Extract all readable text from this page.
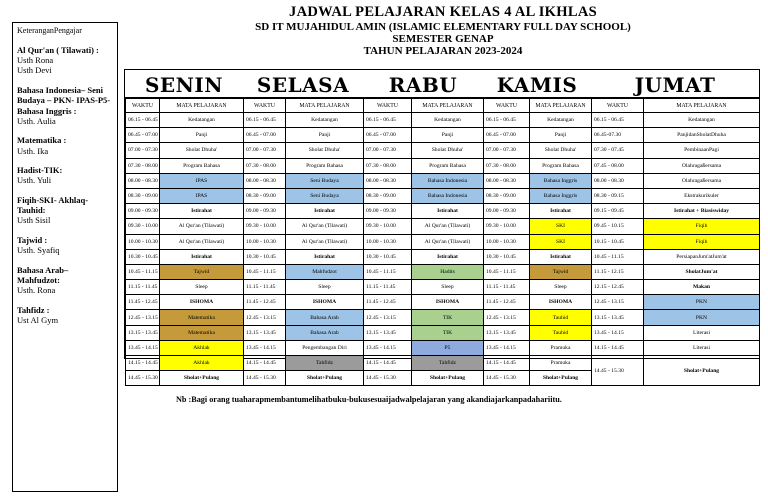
KeteranganPengajar
Al Qur'an ( Tilawati) :
Usth Rona
Usth Devi
Bahasa Indonesia– Seni Budaya – PKN- IPAS-P5- Bahasa Inggris :
Usth. Aulia
Matematika :
Usth. Ika
Hadist-TIK:
Usth. Yuli
Fiqih-SKI- Akhlaq-Tauhid:
Usth Sisil
Tajwid :
Usth. Syafiq
Bahasa Arab– Mahfudzot:
Usth. Rona
Tahfidz :
Ust Al Gym
JADWAL PELAJARAN KELAS 4 AL IKHLAS
SD IT MUJAHIDUL AMIN (ISLAMIC ELEMENTARY FULL DAY SCHOOL)
SEMESTER GENAP
TAHUN PELAJARAN 2023-2024
SENIN
WAKTU	MATA PELAJARAN
06.15 - 06.45	Kedatangan
06.45 - 07.00	Panji
07.00 - 07.30	Sholat Dhuha'
07.30 - 08.00	Program Bahasa
08.00 - 08.30	IPAS
08.30 - 09.00	IPAS
09.00 - 09.30	Istirahat
09.30 - 10.00	Al Qur'an (Tilawati)
10.00 - 10.30	Al Qur'an (Tilawati)
10.30 - 10.45	Istirahat
10.45 - 11.15	Tajwid
11.15 - 11.45	Sleep
11.45 - 12.45	ISHOMA
12.45 - 13.15	Matematika
13.15 - 13.45	Matematika
13.45 - 14.15	Akhlak
14.15 - 14.45	Akhlak
14.45 - 15.30	Sholat+Pulang
SELASA
WAKTU	MATA PELAJARAN
06.15 - 06.45	Kedatangan
06.45 - 07.00	Panji
07.00 - 07.30	Sholat Dhuha'
07.30 - 08.00	Program Bahasa
08.00 - 08.30	Seni Budaya
08.30 - 09.00	Seni Budaya
09.00 - 09.30	Istirahat
09.30 - 10.00	Al Qur'an (Tilawati)
10.00 - 10.30	Al Qur'an (Tilawati)
10.30 - 10.45	Istirahat
10.45 - 11.15	Mahfudzot
11.15 - 11.45	Sleep
11.45 - 12.45	ISHOMA
12.45 - 13.15	Bahasa Arab
13.15 - 13.45	Bahasa Arab
13.45 - 14.15	Pengembangan Diri
14.15 - 14.45	Tahfidz
14.45 - 15.30	Sholat+Pulang
RABU
WAKTU	MATA PELAJARAN
06.15 - 06.45	Kedatangan
06.45 - 07.00	Panji
07.00 - 07.30	Sholat Dhuha'
07.30 - 08.00	Program Bahasa
08.00 - 08.30	Bahasa Indonesia
08.30 - 09.00	Bahasa Indonesia
09.00 - 09.30	Istirahat
09.30 - 10.00	Al Qur'an (Tilawati)
10.00 - 10.30	Al Qur'an (Tilawati)
10.30 - 10.45	Istirahat
10.45 - 11.15	Hadits
11.15 - 11.45	Sleep
11.45 - 12.45	ISHOMA
12.45 - 13.15	TIK
13.15 - 13.45	TIK
13.45 - 14.15	P5
14.15 - 14.45	Tahfidz
14.45 - 15.30	Sholat+Pulang
KAMIS
WAKTU	MATA PELAJARAN
06.15 - 06.45	Kedatangan
06.45 - 07.00	Panji
07.00 - 07.30	Sholat Dhuha'
07.30 - 08.00	Program Bahasa
08.00 - 08.30	Bahasa Inggris
08.30 - 09.00	Bahasa Inggris
09.00 - 09.30	Istirahat
09.30 - 10.00	SKI
10.00 - 10.30	SKI
10.30 - 10.45	Istirahat
10.45 - 11.15	Tajwid
11.15 - 11.45	Sleep
11.45 - 12.45	ISHOMA
12.45 - 13.15	Tauhid
13.15 - 13.45	Tauhid
13.45 - 14.15	Pramuka
14.15 - 14.45	Pramuka
14.45 - 15.30	Sholat+Pulang
JUMAT
WAKTU	MATA PELAJARAN
06.15 - 06.45	Kedatangan
06.45-07.30	PanjidanSholatDhuha
07.30 - 07.45	PembinaanPagi
07.45 - 08.00	Olahragaßersama
08.00 - 08.30	Olahragaßersama
08.30 - 09.15	Ekstrakurikuler
09.15 - 09.45	Istirahat + Biasiswiday
09.45 - 10.15	Fiqih
10.15 - 10.45	Fiqih
10.45 - 11.15	PersiapanJum'atJum'at
11.15 - 12.15	SholatJum'at
12.15 - 12.45	Makan
12.45 - 13.15	PKN
13.15 - 13.45	PKN
13.45 - 14.15	Literasi
14.15 - 14.45	Literasi
14.45 - 15.30	Sholat+Pulang
Nb :Bagi orang tuaharapmembantumelihatbuku-bukusesuaijadwalpelajaran yang akandiajarkanpadahariitu.
